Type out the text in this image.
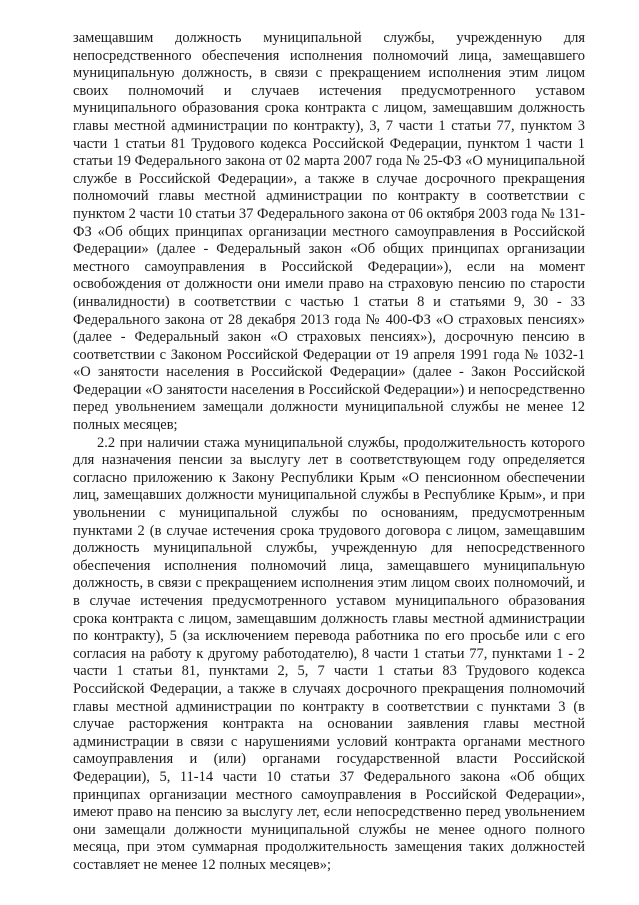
замещавшим должность муниципальной службы, учрежденную для непосредственного обеспечения исполнения полномочий лица, замещавшего муниципальную должность, в связи с прекращением исполнения этим лицом своих полномочий и случаев истечения предусмотренного уставом муниципального образования срока контракта с лицом, замещавшим должность главы местной администрации по контракту), 3, 7 части 1 статьи 77, пунктом 3 части 1 статьи 81 Трудового кодекса Российской Федерации, пунктом 1 части 1 статьи 19 Федерального закона от 02 марта 2007 года № 25-ФЗ «О муниципальной службе в Российской Федерации», а также в случае досрочного прекращения полномочий главы местной администрации по контракту в соответствии с пунктом 2 части 10 статьи 37 Федерального закона от 06 октября 2003 года № 131-ФЗ «Об общих принципах организации местного самоуправления в Российской Федерации» (далее - Федеральный закон «Об общих принципах организации местного самоуправления в Российской Федерации»), если на момент освобождения от должности они имели право на страховую пенсию по старости (инвалидности) в соответствии с частью 1 статьи 8 и статьями 9, 30 - 33 Федерального закона от 28 декабря 2013 года № 400-ФЗ «О страховых пенсиях» (далее - Федеральный закон «О страховых пенсиях»), досрочную пенсию в соответствии с Законом Российской Федерации от 19 апреля 1991 года № 1032-1 «О занятости населения в Российской Федерации» (далее - Закон Российской Федерации «О занятости населения в Российской Федерации») и непосредственно перед увольнением замещали должности муниципальной службы не менее 12 полных месяцев;

2.2 при наличии стажа муниципальной службы, продолжительность которого для назначения пенсии за выслугу лет в соответствующем году определяется согласно приложению к Закону Республики Крым «О пенсионном обеспечении лиц, замещавших должности муниципальной службы в Республике Крым», и при увольнении с муниципальной службы по основаниям, предусмотренным пунктами 2 (в случае истечения срока трудового договора с лицом, замещавшим должность муниципальной службы, учрежденную для непосредственного обеспечения исполнения полномочий лица, замещавшего муниципальную должность, в связи с прекращением исполнения этим лицом своих полномочий, и в случае истечения предусмотренного уставом муниципального образования срока контракта с лицом, замещавшим должность главы местной администрации по контракту), 5 (за исключением перевода работника по его просьбе или с его согласия на работу к другому работодателю), 8 части 1 статьи 77, пунктами 1 - 2 части 1 статьи 81, пунктами 2, 5, 7 части 1 статьи 83 Трудового кодекса Российской Федерации, а также в случаях досрочного прекращения полномочий главы местной администрации по контракту в соответствии с пунктами 3 (в случае расторжения контракта на основании заявления главы местной администрации в связи с нарушениями условий контракта органами местного самоуправления и (или) органами государственной власти Российской Федерации), 5, 11-14 части 10 статьи 37 Федерального закона «Об общих принципах организации местного самоуправления в Российской Федерации», имеют право на пенсию за выслугу лет, если непосредственно перед увольнением они замещали должности муниципальной службы не менее одного полного месяца, при этом суммарная продолжительность замещения таких должностей составляет не менее 12 полных месяцев»;
